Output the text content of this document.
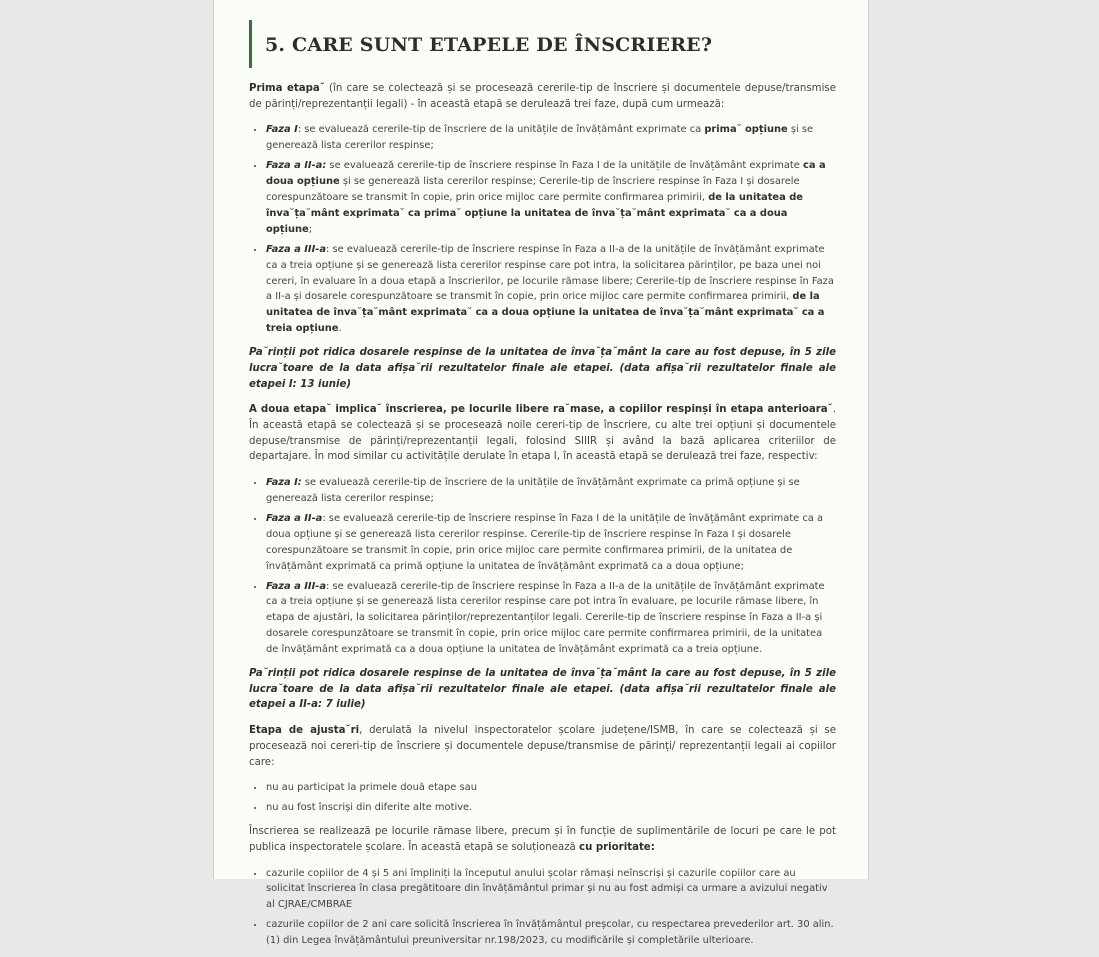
5. CARE SUNT ETAPELE DE ÎNSCRIERE?

Prima etapa˘ (în care se colectează și se procesează cererile-tip de înscriere și documentele depuse/transmise de părinți/reprezentanții legali) - în această etapă se derulează trei faze, după cum urmează:

• Faza I: se evaluează cererile-tip de înscriere de la unitățile de învățământ exprimate ca prima˘ opțiune și se generează lista cererilor respinse;
• Faza a II-a: se evaluează cererile-tip de înscriere respinse în Faza I de la unitățile de învățământ exprimate ca a doua opțiune și se generează lista cererilor respinse; Cererile-tip de înscriere respinse în Faza I și dosarele corespunzătoare se transmit în copie, prin orice mijloc care permite confirmarea primirii, de la unitatea de înva˘ța˘mânt exprimata˘ ca prima˘ opțiune la unitatea de înva˘ța˘mânt exprimata˘ ca a doua opțiune;
• Faza a III-a: se evaluează cererile-tip de înscriere respinse în Faza a II-a de la unitățile de învățământ exprimate ca a treia opțiune și se generează lista cererilor respinse care pot intra, la solicitarea părinților, pe baza unei noi cereri, în evaluare în a doua etapă a înscrierilor, pe locurile rămase libere; Cererile-tip de înscriere respinse în Faza a II-a și dosarele corespunzătoare se transmit în copie, prin orice mijloc care permite confirmarea primirii, de la unitatea de înva˘ța˘mânt exprimata˘ ca a doua opțiune la unitatea de înva˘ța˘mânt exprimata˘ ca a treia opțiune.

Pa˘rinții pot ridica dosarele respinse de la unitatea de înva˘ța˘mânt la care au fost depuse, în 5 zile lucra˘toare de la data afișa˘rii rezultatelor finale ale etapei. (data afișa˘rii rezultatelor finale ale etapei I: 13 iunie)

A doua etapa˘ implica˘ înscrierea, pe locurile libere ra˘mase, a copiilor respinși în etapa anterioara˘. În această etapă se colectează și se procesează noile cereri-tip de înscriere, cu alte trei opțiuni și documentele depuse/transmise de părinți/reprezentanții legali, folosind SIIIR și având la bază aplicarea criteriilor de departajare. În mod similar cu activitățile derulate în etapa I, în această etapă se derulează trei faze, respectiv:

• Faza I: se evaluează cererile-tip de înscriere de la unitățile de învățământ exprimate ca primă opțiune și se generează lista cererilor respinse;
• Faza a II-a: se evaluează cererile-tip de înscriere respinse în Faza I de la unitățile de învățământ exprimate ca a doua opțiune și se generează lista cererilor respinse. Cererile-tip de înscriere respinse în Faza I și dosarele corespunzătoare se transmit în copie, prin orice mijloc care permite confirmarea primirii, de la unitatea de învățământ exprimată ca primă opțiune la unitatea de învățământ exprimată ca a doua opțiune;
• Faza a III-a: se evaluează cererile-tip de înscriere respinse în Faza a II-a de la unitățile de învățământ exprimate ca a treia opțiune și se generează lista cererilor respinse care pot intra în evaluare, pe locurile rămase libere, în etapa de ajustări, la solicitarea părinților/reprezentanților legali. Cererile-tip de înscriere respinse în Faza a II-a și dosarele corespunzătoare se transmit în copie, prin orice mijloc care permite confirmarea primirii, de la unitatea de învățământ exprimată ca a doua opțiune la unitatea de învățământ exprimată ca a treia opțiune.

Pa˘rinții pot ridica dosarele respinse de la unitatea de înva˘ța˘mânt la care au fost depuse, în 5 zile lucra˘toare de la data afișa˘rii rezultatelor finale ale etapei. (data afișa˘rii rezultatelor finale ale etapei a II-a: 7 iulie)

Etapa de ajusta˘ri, derulată la nivelul inspectoratelor școlare județene/ISMB, în care se colectează și se procesează noi cereri-tip de înscriere și documentele depuse/transmise de părinți/ reprezentanții legali ai copiilor care:

• nu au participat la primele două etape sau
• nu au fost înscriși din diferite alte motive.

Înscrierea se realizează pe locurile rămase libere, precum și în funcție de suplimentările de locuri pe care le pot publica inspectoratele școlare. În această etapă se soluționează cu prioritate:

• cazurile copiilor de 4 și 5 ani împliniți la începutul anului școlar rămași neînscriși și cazurile copiilor care au solicitat înscrierea în clasa pregătitoare din învățământul primar și nu au fost admiși ca urmare a avizului negativ al CJRAE/CMBRAE
• cazurile copiilor de 2 ani care solicită înscrierea în învățământul preșcolar, cu respectarea prevederilor art. 30 alin. (1) din Legea învățământului preuniversitar nr.198/2023, cu modificările și completările ulterioare.
